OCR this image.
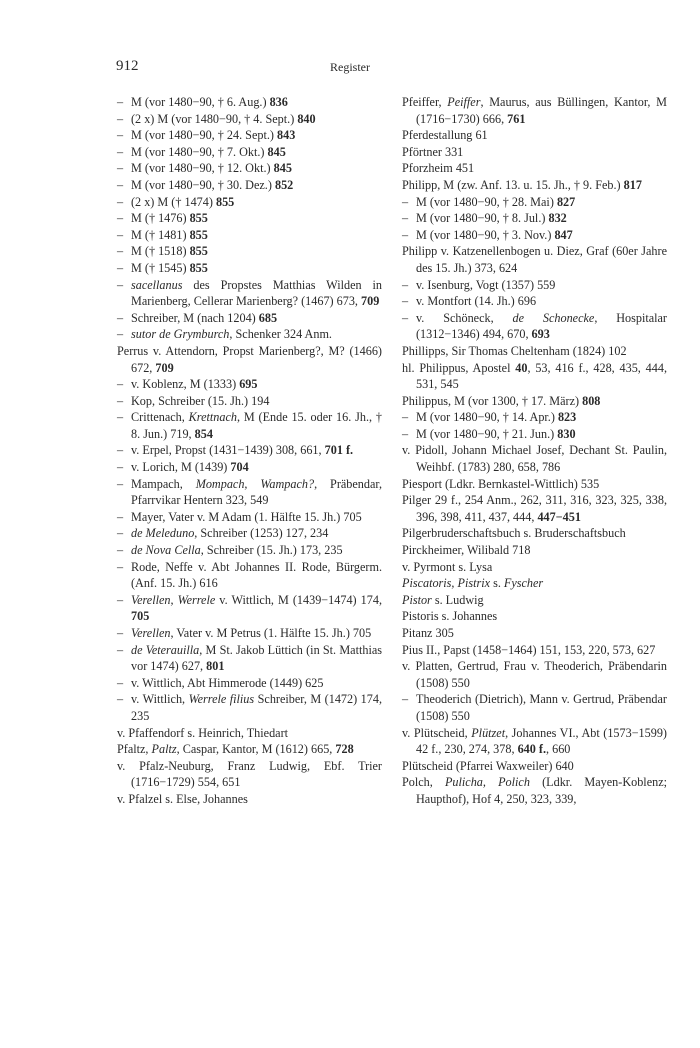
912	Register
– M (vor 1480−90, † 6. Aug.) 836
– (2 x) M (vor 1480−90, † 4. Sept.) 840
– M (vor 1480−90, † 24. Sept.) 843
– M (vor 1480−90, † 7. Okt.) 845
– M (vor 1480−90, † 12. Okt.) 845
– M (vor 1480−90, † 30. Dez.) 852
– (2 x) M († 1474) 855
– M († 1476) 855
– M († 1481) 855
– M († 1518) 855
– M († 1545) 855
– sacellanus des Propstes Matthias Wilden in Marienberg, Cellerar Marienberg? (1467) 673, 709
– Schreiber, M (nach 1204) 685
– sutor de Grymburch, Schenker 324 Anm.
Perrus v. Attendorn, Propst Marienberg?, M? (1466) 672, 709
– v. Koblenz, M (1333) 695
– Kop, Schreiber (15. Jh.) 194
– Crittenach, Krettnach, M (Ende 15. oder 16. Jh., † 8. Jun.) 719, 854
– v. Erpel, Propst (1431−1439) 308, 661, 701 f.
– v. Lorich, M (1439) 704
– Mampach, Mompach, Wampach?, Präbendar, Pfarrvikar Hentern 323, 549
– Mayer, Vater v. M Adam (1. Hälfte 15. Jh.) 705
– de Meleduno, Schreiber (1253) 127, 234
– de Nova Cella, Schreiber (15. Jh.) 173, 235
– Rode, Neffe v. Abt Johannes II. Rode, Bürgerm. (Anf. 15. Jh.) 616
– Verellen, Werrele v. Wittlich, M (1439−1474) 174, 705
– Verellen, Vater v. M Petrus (1. Hälfte 15. Jh.) 705
– de Veterauilla, M St. Jakob Lüttich (in St. Matthias vor 1474) 627, 801
– v. Wittlich, Abt Himmerode (1449) 625
– v. Wittlich, Werrele filius Schreiber, M (1472) 174, 235
v. Pfaffendorf s. Heinrich, Thiedart
Pfaltz, Paltz, Caspar, Kantor, M (1612) 665, 728
v. Pfalz-Neuburg, Franz Ludwig, Ebf. Trier (1716−1729) 554, 651
v. Pfalzel s. Else, Johannes
Pfeiffer, Peiffer, Maurus, aus Büllingen, Kantor, M (1716−1730) 666, 761
Pferdestallung 61
Pförtner 331
Pforzheim 451
Philipp, M (zw. Anf. 13. u. 15. Jh., † 9. Feb.) 817
– M (vor 1480−90, † 28. Mai) 827
– M (vor 1480−90, † 8. Jul.) 832
– M (vor 1480−90, † 3. Nov.) 847
Philipp v. Katzenellenbogen u. Diez, Graf (60er Jahre des 15. Jh.) 373, 624
– v. Isenburg, Vogt (1357) 559
– v. Montfort (14. Jh.) 696
– v. Schöneck, de Schonecke, Hospitalar (1312−1346) 494, 670, 693
Phillipps, Sir Thomas Cheltenham (1824) 102
hl. Philippus, Apostel 40, 53, 416 f., 428, 435, 444, 531, 545
Philippus, M (vor 1300, † 17. März) 808
– M (vor 1480−90, † 14. Apr.) 823
– M (vor 1480−90, † 21. Jun.) 830
v. Pidoll, Johann Michael Josef, Dechant St. Paulin, Weihbf. (1783) 280, 658, 786
Piesport (Ldkr. Bernkastel-Wittlich) 535
Pilger 29 f., 254 Anm., 262, 311, 316, 323, 325, 338, 396, 398, 411, 437, 444, 447−451
Pilgerbruderschaftsbuch s. Bruderschaftsbuch
Pirckheimer, Wilibald 718
v. Pyrmont s. Lysa
Piscatoris, Pistrix s. Fyscher
Pistor s. Ludwig
Pistoris s. Johannes
Pitanz 305
Pius II., Papst (1458−1464) 151, 153, 220, 573, 627
v. Platten, Gertrud, Frau v. Theoderich, Präbendarin (1508) 550
– Theoderich (Dietrich), Mann v. Gertrud, Präbendar (1508) 550
v. Plütscheid, Plützet, Johannes VI., Abt (1573−1599) 42 f., 230, 274, 378, 640 f., 660
Plütscheid (Pfarrei Waxweiler) 640
Polch, Pulicha, Polich (Ldkr. Mayen-Koblenz; Haupthof), Hof 4, 250, 323, 339,
